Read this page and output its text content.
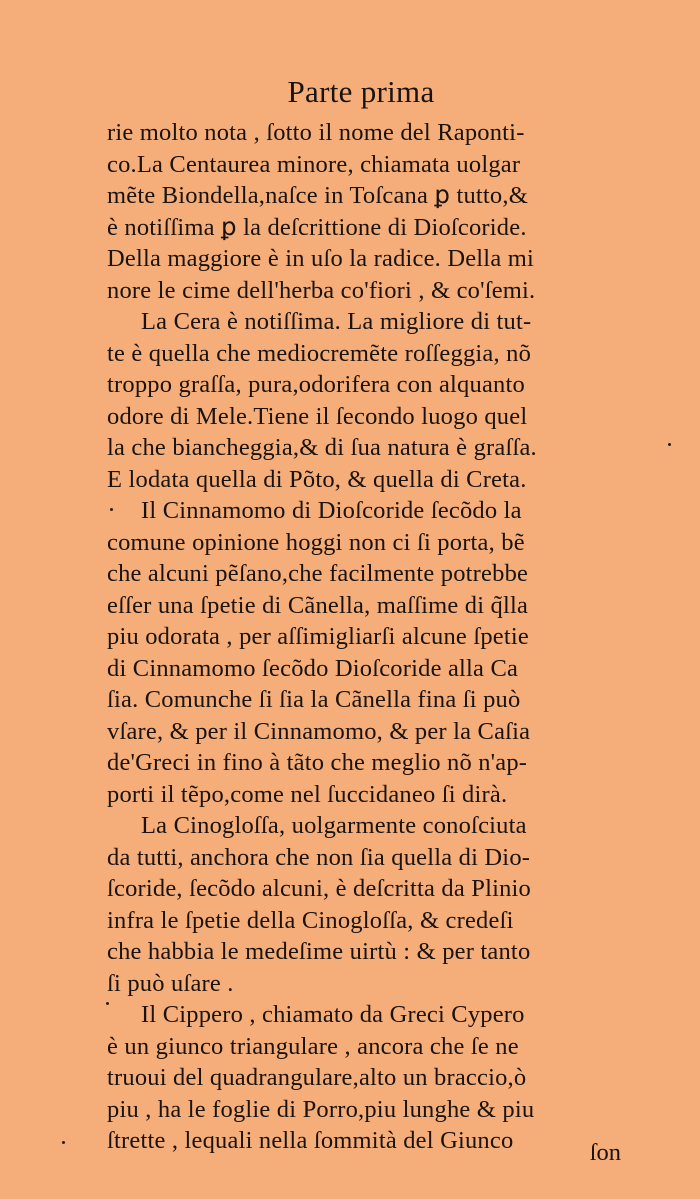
Parte prima
rie molto nota , ſotto il nome del Raponti-
co.La Centaurea minore, chiamata uolgar
mẽte Biondella,naſce in Toſcana ꝑ tutto,&
è notiſſima ꝑ la deſcrittione di Dioſcoride.
Della maggiore è in uſo la radice. Della mi
nore le cime dell'herba co'fiori , & co'ſemi.
La Cera è notiſſima. La migliore di tut-
te è quella che mediocremẽte roſſeggia, nõ
troppo graſſa, pura,odorifera con alquanto
odore di Mele.Tiene il ſecondo luogo quel
la che biancheggia,& di ſua natura è graſſa.
E lodata quella di Põto, & quella di Creta.
Il Cinnamomo di Dioſcoride ſecõdo la
comune opinione hoggi non ci ſi porta, bẽ
che alcuni pẽſano,che facilmente potrebbe
eſſer una ſpetie di Cãnella, maſſime di q̃lla
piu odorata , per aſſimigliarſi alcune ſpetie
di Cinnamomo ſecõdo Dioſcoride alla Ca
ſia. Comunche ſi ſia la Cãnella fina ſi può
vſare, & per il Cinnamomo, & per la Caſia
de'Greci in fino à tãto che meglio nõ n'ap-
porti il tẽpo,come nel ſuccidaneo ſi dirà.
La Cinogloſſa, uolgarmente conoſciuta
da tutti, anchora che non ſia quella di Dio-
ſcoride, ſecõdo alcuni, è deſcritta da Plinio
infra le ſpetie della Cinogloſſa, & credeſi
che habbia le medeſime uirtù : & per tanto
ſi può uſare .
Il Cippero , chiamato da Greci Cypero
è un giunco triangulare , ancora che ſe ne
truoui del quadrangulare,alto un braccio,ò
piu , ha le foglie di Porro,piu lunghe & piu
ſtrette , lequali nella ſommità del Giunco	ſon
